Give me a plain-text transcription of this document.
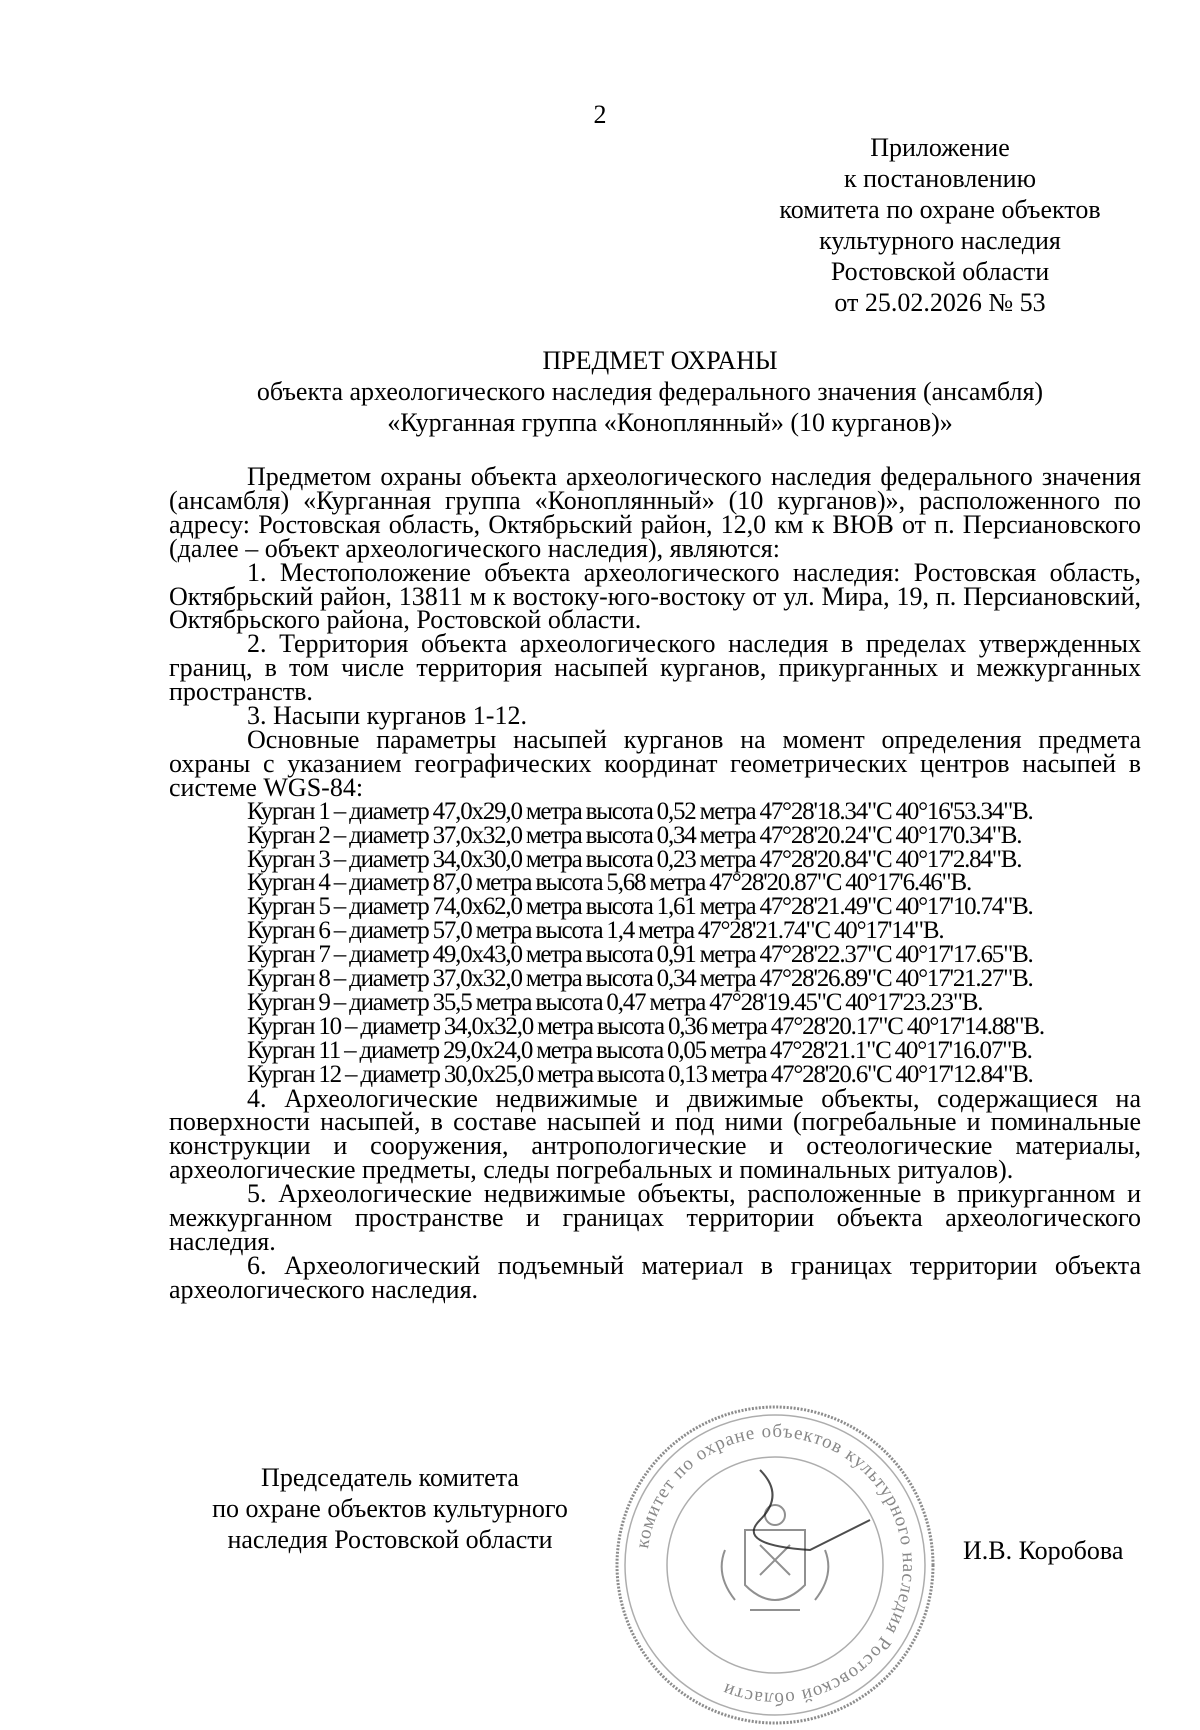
2
Приложение
к постановлению
комитета по охране объектов
культурного наследия
Ростовской области
от 25.02.2026 № 53
ПРЕДМЕТ ОХРАНЫ
объекта археологического наследия федерального значения (ансамбля)
«Курганная группа «Коноплянный» (10 курганов)»

Предметом охраны объекта археологического наследия федерального значения (ансамбля) «Курганная группа «Коноплянный» (10 курганов)», расположенного по адресу: Ростовская область, Октябрьский район, 12,0 км к ВЮВ от п. Персиановского (далее – объект археологического наследия), являются:

1. Местоположение объекта археологического наследия: Ростовская область, Октябрьский район, 13811 м к востоку-юго-востоку от ул. Мира, 19, п. Персиановский, Октябрьского района, Ростовской области.

2. Территория объекта археологического наследия в пределах утвержденных границ, в том числе территория насыпей курганов, прикурганных и межкурганных пространств.

3. Насыпи курганов 1-12.

Основные параметры насыпей курганов на момент определения предмета охраны с указанием географических координат геометрических центров насыпей в системе WGS-84:

Курган 1 – диаметр 47,0х29,0 метра высота 0,52 метра 47°28'18.34"С 40°16'53.34"В.
Курган 2 – диаметр 37,0х32,0 метра высота 0,34 метра 47°28'20.24"С 40°17'0.34"В.
Курган 3 – диаметр 34,0х30,0 метра высота 0,23 метра 47°28'20.84"С 40°17'2.84"В.
Курган 4 – диаметр 87,0 метра высота 5,68 метра 47°28'20.87"С 40°17'6.46"В.
Курган 5 – диаметр 74,0х62,0 метра высота 1,61 метра 47°28'21.49"С 40°17'10.74"В.
Курган 6 – диаметр 57,0 метра высота 1,4 метра 47°28'21.74"С 40°17'14"В.
Курган 7 – диаметр 49,0х43,0 метра высота 0,91 метра 47°28'22.37"С 40°17'17.65"В.
Курган 8 – диаметр 37,0х32,0 метра высота 0,34 метра 47°28'26.89"С 40°17'21.27"В.
Курган 9 – диаметр 35,5 метра высота 0,47 метра 47°28'19.45"С 40°17'23.23"В.
Курган 10 – диаметр 34,0х32,0 метра высота 0,36 метра 47°28'20.17"С 40°17'14.88"В.
Курган 11 – диаметр 29,0х24,0 метра высота 0,05 метра 47°28'21.1"С 40°17'16.07"В.
Курган 12 – диаметр 30,0х25,0 метра высота 0,13 метра 47°28'20.6"С 40°17'12.84"В.

4. Археологические недвижимые и движимые объекты, содержащиеся на поверхности насыпей, в составе насыпей и под ними (погребальные и поминальные конструкции и сооружения, антропологические и остеологические материалы, археологические предметы, следы погребальных и поминальных ритуалов).

5. Археологические недвижимые объекты, расположенные в прикурганном и межкурганном пространстве и границах территории объекта археологического наследия.

6. Археологический подъемный материал в границах территории объекта археологического наследия.

Председатель комитета
по охране объектов культурного
наследия Ростовской области	И.В. Коробова
комитет по охране объектов культурного наследия Ростовской области
